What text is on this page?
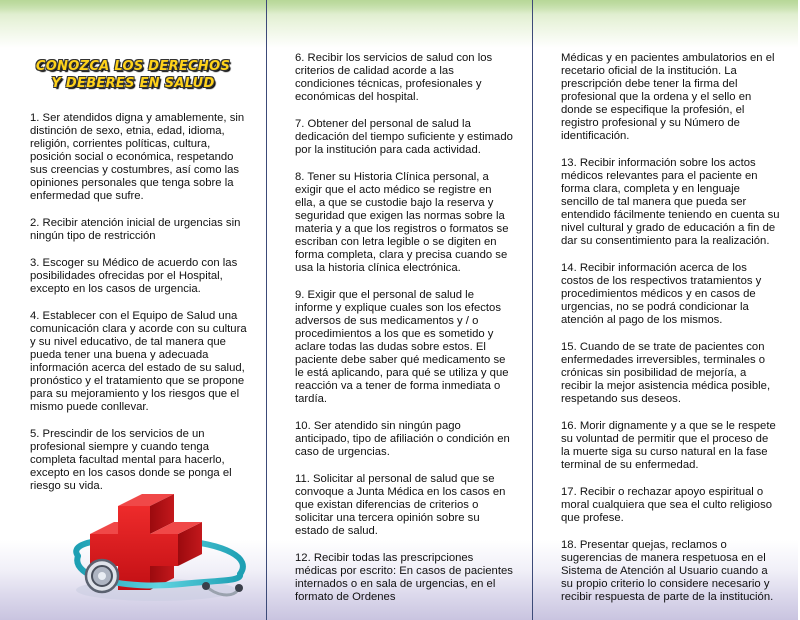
CONOZCA LOS DERECHOS
Y DEBERES EN SALUD

1. Ser atendidos digna y amablemente, sin distinción de sexo, etnia, edad, idioma, religión, corrientes políticas, cultura, posición social o económica, respetando sus creencias y costumbres, así como las opiniones personales que tenga sobre la enfermedad que sufre.

2. Recibir atención inicial de urgencias sin ningún tipo de restricción

3. Escoger su Médico de acuerdo con las posibilidades ofrecidas por el Hospital, excepto en los casos de urgencia.

4. Establecer con el Equipo de Salud una comunicación clara y acorde con su cultura y su nivel educativo, de tal manera que pueda tener una buena y adecuada información acerca del estado de su salud, pronóstico y el tratamiento que se propone para su mejoramiento y los riesgos que el mismo puede conllevar.

5. Prescindir de los servicios de un profesional siempre y cuando tenga completa facultad mental para hacerlo, excepto en los casos donde se ponga el riesgo su vida.

6. Recibir los servicios de salud con los criterios de calidad acorde a las condiciones técnicas, profesionales y económicas del hospital.

7. Obtener del personal de salud la dedicación del tiempo suficiente y estimado por la institución para cada actividad.

8. Tener su Historia Clínica personal, a exigir que el acto médico se registre en ella, a que se custodie bajo la reserva y seguridad que exigen las normas sobre la materia y a que los registros o formatos se escriban con letra legible o se digiten en forma completa, clara y precisa cuando se usa la historia clínica electrónica.

9. Exigir que el personal de salud le informe y explique cuales son los efectos adversos de sus medicamentos y / o procedimientos a los que es sometido y aclare todas las dudas sobre estos. El paciente debe saber qué medicamento se le está aplicando, para qué se utiliza y que reacción va a tener de forma inmediata o tardía.

10. Ser atendido sin ningún pago anticipado, tipo de afiliación o condición en caso de urgencias.

11. Solicitar al personal de salud que se convoque a Junta Médica en los casos en que existan diferencias de criterios o solicitar una tercera opinión sobre su estado de salud.

12. Recibir todas las prescripciones médicas por escrito: En casos de pacientes internados o en sala de urgencias, en el formato de Ordenes

Médicas y en pacientes ambulatorios en el recetario oficial de la institución. La prescripción debe tener la firma del profesional que la ordena y el sello en donde se especifique la profesión, el registro profesional y su Número de identificación.

13. Recibir información sobre los actos médicos relevantes para el paciente en forma clara, completa y en lenguaje sencillo de tal manera que pueda ser entendido fácilmente teniendo en cuenta su nivel cultural y grado de educación a fin de dar su consentimiento para la realización.

14. Recibir información acerca de los costos de los respectivos tratamientos y procedimientos médicos y en casos de urgencias, no se podrá condicionar la atención al pago de los mismos.

15. Cuando de se trate de pacientes con enfermedades irreversibles, terminales o crónicas sin posibilidad de mejoría, a recibir la mejor asistencia médica posible, respetando sus deseos.

16. Morir dignamente y a que se le respete su voluntad de permitir que el proceso de la muerte siga su curso natural en la fase terminal de su enfermedad.

17. Recibir o rechazar apoyo espiritual o moral cualquiera que sea el culto religioso que profese.

18. Presentar quejas, reclamos o sugerencias de manera respetuosa en el Sistema de Atención al Usuario cuando a su propio criterio lo considere necesario y recibir respuesta de parte de la institución.
